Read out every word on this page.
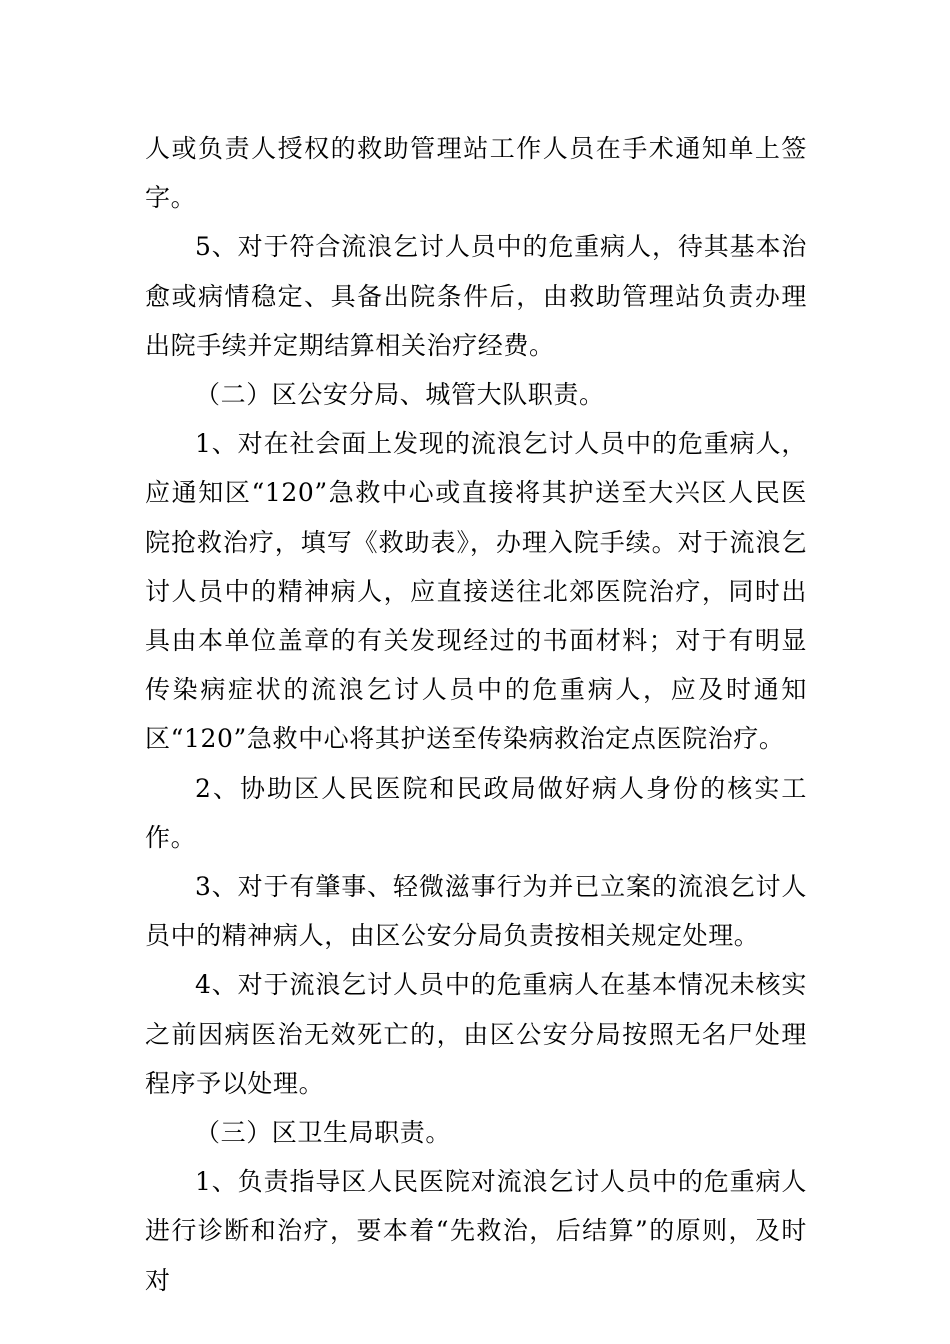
人或负责人授权的救助管理站工作人员在手术通知单上签字。

5、对于符合流浪乞讨人员中的危重病人，待其基本治愈或病情稳定、具备出院条件后，由救助管理站负责办理出院手续并定期结算相关治疗经费。

（二）区公安分局、城管大队职责。

1、对在社会面上发现的流浪乞讨人员中的危重病人，应通知区“120”急救中心或直接将其护送至大兴区人民医院抢救治疗，填写《救助表》，办理入院手续。对于流浪乞讨人员中的精神病人，应直接送往北郊医院治疗，同时出具由本单位盖章的有关发现经过的书面材料；对于有明显传染病症状的流浪乞讨人员中的危重病人，应及时通知区“120”急救中心将其护送至传染病救治定点医院治疗。

2、协助区人民医院和民政局做好病人身份的核实工作。

3、对于有肇事、轻微滋事行为并已立案的流浪乞讨人员中的精神病人，由区公安分局负责按相关规定处理。

4、对于流浪乞讨人员中的危重病人在基本情况未核实之前因病医治无效死亡的，由区公安分局按照无名尸处理程序予以处理。

（三）区卫生局职责。

1、负责指导区人民医院对流浪乞讨人员中的危重病人进行诊断和治疗，要本着“先救治，后结算”的原则，及时对
